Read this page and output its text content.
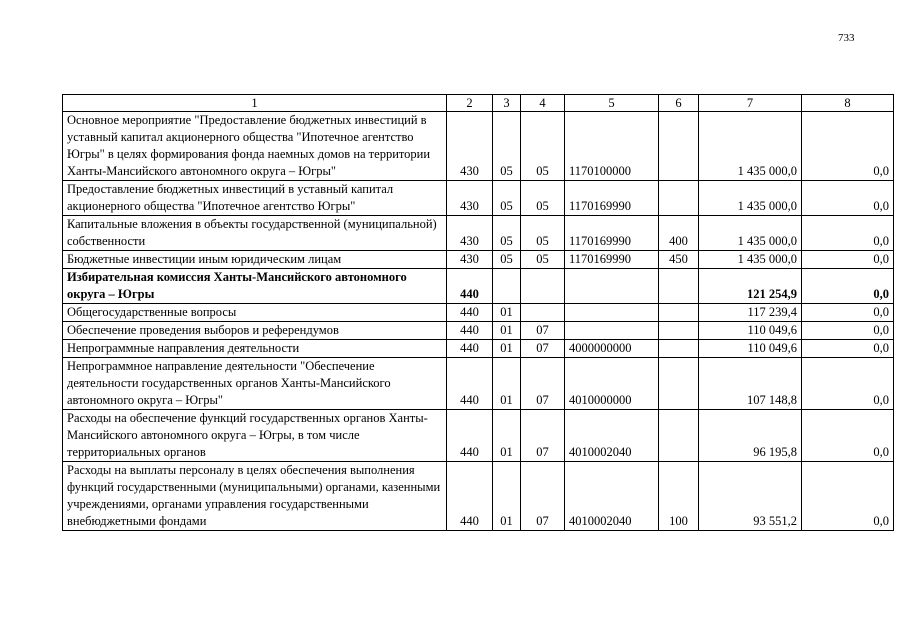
733
1	2	3	4	5	6	7	8
Основное мероприятие "Предоставление бюджетных инвестиций в уставный капитал акционерного общества "Ипотечное агентство Югры" в целях формирования фонда наемных домов на территории Ханты-Мансийского автономного округа – Югры"	430	05	05	1170100000		1 435 000,0	0,0
Предоставление бюджетных инвестиций в уставный капитал акционерного общества "Ипотечное агентство Югры"	430	05	05	1170169990		1 435 000,0	0,0
Капитальные вложения в объекты государственной (муниципальной) собственности	430	05	05	1170169990	400	1 435 000,0	0,0
Бюджетные инвестиции иным юридическим лицам	430	05	05	1170169990	450	1 435 000,0	0,0
Избирательная комиссия Ханты-Мансийского автономного округа – Югры	440					121 254,9	0,0
Общегосударственные вопросы	440	01				117 239,4	0,0
Обеспечение проведения выборов и референдумов	440	01	07			110 049,6	0,0
Непрограммные направления деятельности	440	01	07	4000000000		110 049,6	0,0
Непрограммное направление деятельности "Обеспечение деятельности государственных органов Ханты-Мансийского автономного округа – Югры"	440	01	07	4010000000		107 148,8	0,0
Расходы на обеспечение функций государственных органов Ханты-Мансийского автономного округа – Югры, в том числе территориальных органов	440	01	07	4010002040		96 195,8	0,0
Расходы на выплаты персоналу в целях обеспечения выполнения функций государственными (муниципальными) органами, казенными учреждениями, органами управления государственными внебюджетными фондами	440	01	07	4010002040	100	93 551,2	0,0
